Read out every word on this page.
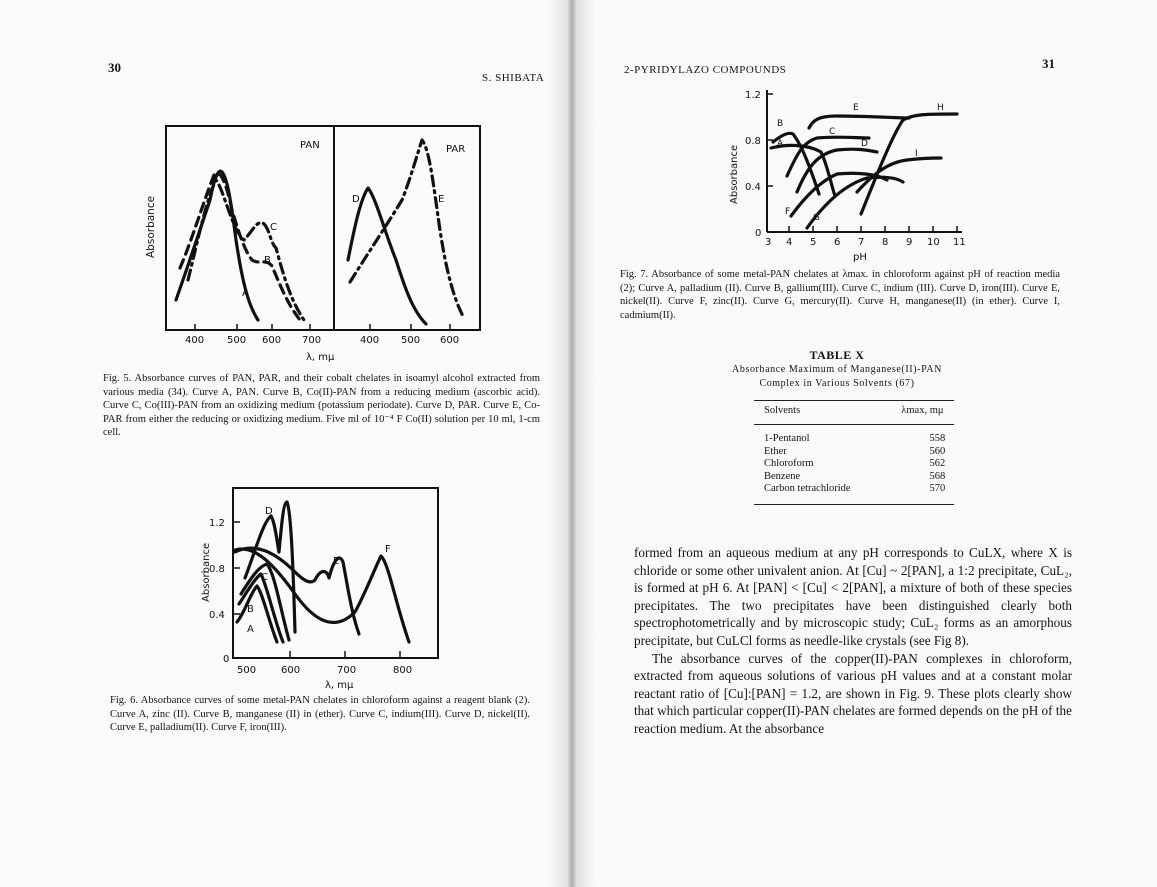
30
S. SHIBATA
Absorbance
PAN	PAR
400 500 600 700	400 500 600
λ, mμ
A
B
C
D	E
Fig. 5. Absorbance curves of PAN, PAR, and their cobalt chelates in isoamyl alcohol extracted from various media (34). Curve A, PAN. Curve B, Co(II)-PAN from a reducing medium (ascorbic acid). Curve C, Co(III)-PAN from an oxidizing medium (potassium periodate). Curve D, PAR. Curve E, Co-PAR from either the reducing or oxidizing medium. Five ml of 10⁻⁴ F Co(II) solution per 10 ml, 1-cm cell.
Absorbance
0
0.4
0.8
1.2
500 600	700	800
λ, mμ
A
B
C
D
E
F
Fig. 6. Absorbance curves of some metal-PAN chelates in chloroform against a reagent blank (2). Curve A, zinc (II). Curve B, manganese (II) in (ether). Curve C, indium(III). Curve D, nickel(II). Curve E, palladium(II). Curve F, iron(III).
2-PYRIDYLAZO COMPOUNDS	31
Absorbance
0
0.4
0.8
1.2
3 4 5 6 7 8 9 10 11
pH
A
B
C
D
E
F
G
H
I
Fig. 7. Absorbance of some metal-PAN chelates at λmax. in chloroform against pH of reaction media (2); Curve A, palladium (II). Curve B, gallium(III). Curve C, indium (III). Curve D, iron(III). Curve E, nickel(II). Curve F, zinc(II). Curve G, mercury(II). Curve H, manganese(II) (in ether). Curve I, cadmium(II).
TABLE X
Absorbance Maximum of Manganese(II)-PAN
Complex in Various Solvents (67)
Solvents	λmax, mμ
1-Pentanol	558
Ether	560
Chloroform	562
Benzene	568
Carbon tetrachloride	570

formed from an aqueous medium at any pH corresponds to CuLX, where X is chloride or some other univalent anion. At [Cu] ~ 2[PAN], a 1:2 precipitate, CuL₂, is formed at pH 6. At [PAN] < [Cu] < 2[PAN], a mixture of both of these species precipitates. The two precipitates have been distinguished clearly both spectrophotometrically and by microscopic study; CuL₂ forms as an amorphous precipitate, but CuLCl forms as needle-like crystals (see Fig 8).

The absorbance curves of the copper(II)-PAN complexes in chloroform, extracted from aqueous solutions of various pH values and at a constant molar reactant ratio of [Cu]:[PAN] = 1.2, are shown in Fig. 9. These plots clearly show that which particular copper(II)-PAN chelates are formed depends on the pH of the reaction medium. At the absorbance
